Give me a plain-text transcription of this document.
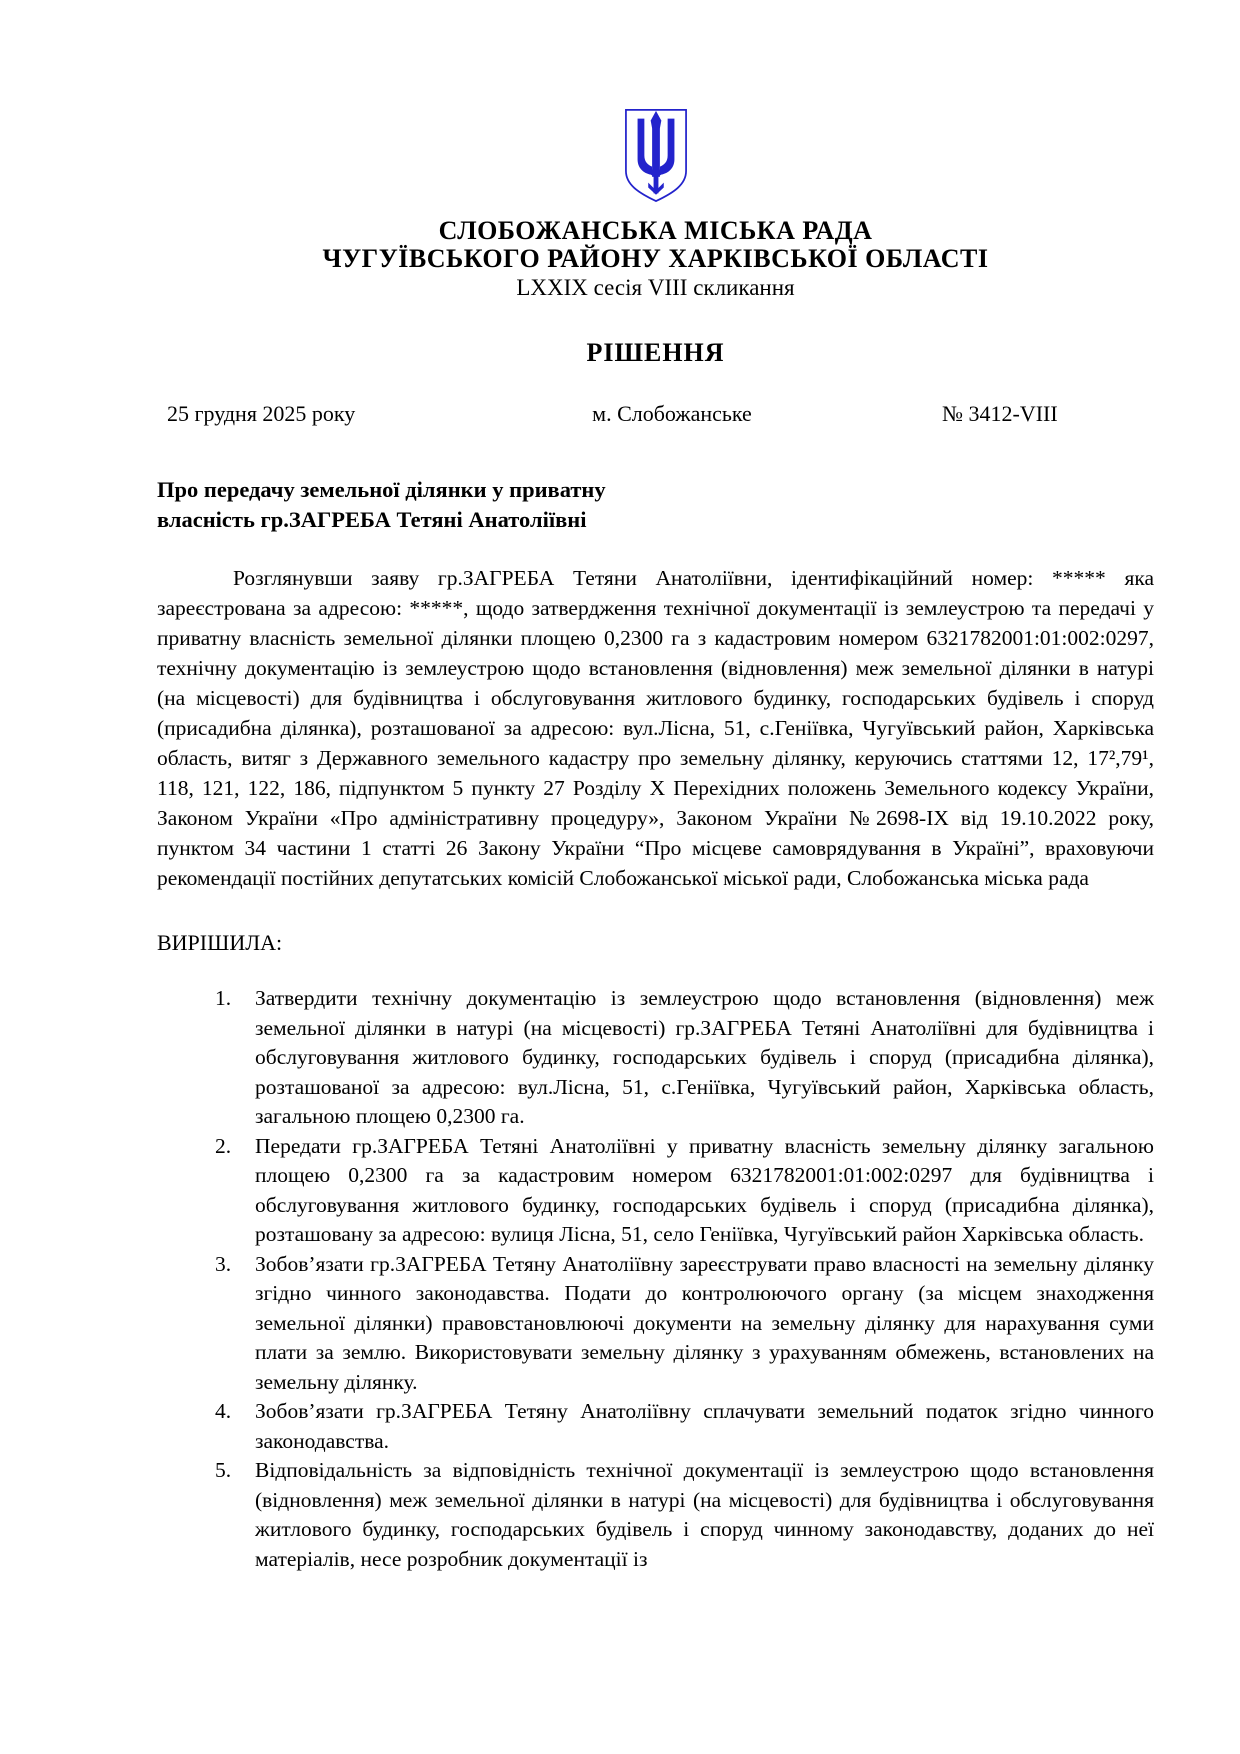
СЛОБОЖАНСЬКА МІСЬКА РАДА
ЧУГУЇВСЬКОГО РАЙОНУ ХАРКІВСЬКОЇ ОБЛАСТІ
LXXIX сесія VIII скликання
РІШЕННЯ
25 грудня 2025 року	м. Слобожанське	№ 3412-VIII
Про передачу земельної ділянки у приватну
власність гр.ЗАГРЕБА Тетяні Анатоліївні
Розглянувши заяву гр.ЗАГРЕБА Тетяни Анатоліївни, ідентифікаційний номер: ***** яка зареєстрована за адресою: *****, щодо затвердження технічної документації із землеустрою та передачі у приватну власність земельної ділянки площею 0,2300 га з кадастровим номером 6321782001:01:002:0297, технічну документацію із землеустрою щодо встановлення (відновлення) меж земельної ділянки в натурі (на місцевості) для будівництва і обслуговування житлового будинку, господарських будівель і споруд (присадибна ділянка), розташованої за адресою: вул.Лісна, 51, с.Геніївка, Чугуївський район, Харківська область, витяг з Державного земельного кадастру про земельну ділянку, керуючись статтями 12, 17²,79¹, 118, 121, 122, 186, підпунктом 5 пункту 27 Розділу X Перехідних положень Земельного кодексу України, Законом України «Про адміністративну процедуру», Законом України №2698-ІХ від 19.10.2022 року, пунктом 34 частини 1 статті 26 Закону України “Про місцеве самоврядування в Україні”, враховуючи рекомендації постійних депутатських комісій Слобожанської міської ради, Слобожанська міська рада
ВИРІШИЛА:
1.	Затвердити технічну документацію із землеустрою щодо встановлення (відновлення) меж земельної ділянки в натурі (на місцевості) гр.ЗАГРЕБА Тетяні Анатоліївні для будівництва і обслуговування житлового будинку, господарських будівель і споруд (присадибна ділянка), розташованої за адресою: вул.Лісна, 51, с.Геніївка, Чугуївський район, Харківська область, загальною площею 0,2300 га.
2.	Передати гр.ЗАГРЕБА Тетяні Анатоліївні у приватну власність земельну ділянку загальною площею 0,2300 га за кадастровим номером 6321782001:01:002:0297 для будівництва і обслуговування житлового будинку, господарських будівель і споруд (присадибна ділянка), розташовану за адресою: вулиця Лісна, 51, село Геніївка, Чугуївський район Харківська область.
3.	Зобов’язати гр.ЗАГРЕБА Тетяну Анатоліївну зареєструвати право власності на земельну ділянку згідно чинного законодавства. Подати до контролюючого органу (за місцем знаходження земельної ділянки) правовстановлюючі документи на земельну ділянку для нарахування суми плати за землю. Використовувати земельну ділянку з урахуванням обмежень, встановлених на земельну ділянку.
4.	Зобов’язати гр.ЗАГРЕБА Тетяну Анатоліївну сплачувати земельний податок згідно чинного законодавства.
5.	Відповідальність за відповідність технічної документації із землеустрою щодо встановлення (відновлення) меж земельної ділянки в натурі (на місцевості) для будівництва і обслуговування житлового будинку, господарських будівель і споруд чинному законодавству, доданих до неї матеріалів, несе розробник документації із
